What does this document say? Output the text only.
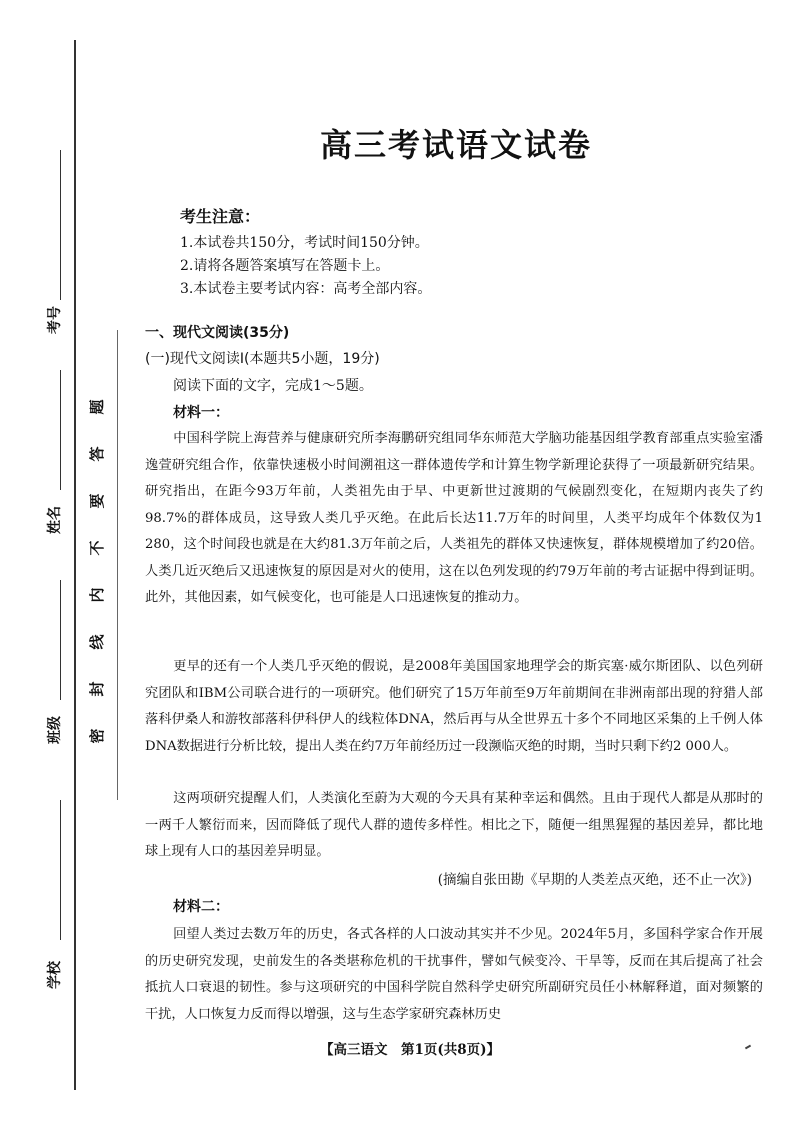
考号
姓名
班级
学校
题
答
要
不
内
线
封
密
高三考试语文试卷
考生注意：
1.本试卷共150分，考试时间150分钟。
2.请将各题答案填写在答题卡上。
3.本试卷主要考试内容：高考全部内容。
一、现代文阅读(35分)
(一)现代文阅读Ⅰ(本题共5小题，19分)
阅读下面的文字，完成1～5题。
材料一：
中国科学院上海营养与健康研究所李海鹏研究组同华东师范大学脑功能基因组学教育部重点实验室潘逸萱研究组合作，依靠快速极小时间溯祖这一群体遗传学和计算生物学新理论获得了一项最新研究结果。研究指出，在距今93万年前，人类祖先由于早、中更新世过渡期的气候剧烈变化，在短期内丧失了约98.7%的群体成员，这导致人类几乎灭绝。在此后长达11.7万年的时间里，人类平均成年个体数仅为1 280，这个时间段也就是在大约81.3万年前之后，人类祖先的群体又快速恢复，群体规模增加了约20倍。人类几近灭绝后又迅速恢复的原因是对火的使用，这在以色列发现的约79万年前的考古证据中得到证明。此外，其他因素，如气候变化，也可能是人口迅速恢复的推动力。
更早的还有一个人类几乎灭绝的假说，是2008年美国国家地理学会的斯宾塞·威尔斯团队、以色列研究团队和IBM公司联合进行的一项研究。他们研究了15万年前至9万年前期间在非洲南部出现的狩猎人部落科伊桑人和游牧部落科伊科伊人的线粒体DNA，然后再与从全世界五十多个不同地区采集的上千例人体DNA数据进行分析比较，提出人类在约7万年前经历过一段濒临灭绝的时期，当时只剩下约2 000人。
这两项研究提醒人们，人类演化至蔚为大观的今天具有某种幸运和偶然。且由于现代人都是从那时的一两千人繁衍而来，因而降低了现代人群的遗传多样性。相比之下，随便一组黑猩猩的基因差异，都比地球上现有人口的基因差异明显。
(摘编自张田勘《早期的人类差点灭绝，还不止一次》)
材料二：
回望人类过去数万年的历史，各式各样的人口波动其实并不少见。2024年5月，多国科学家合作开展的历史研究发现，史前发生的各类堪称危机的干扰事件，譬如气候变冷、干旱等，反而在其后提高了社会抵抗人口衰退的韧性。参与这项研究的中国科学院自然科学史研究所副研究员任小林解释道，面对频繁的干扰，人口恢复力反而得以增强，这与生态学家研究森林历史
【高三语文　第1页(共8页)】
